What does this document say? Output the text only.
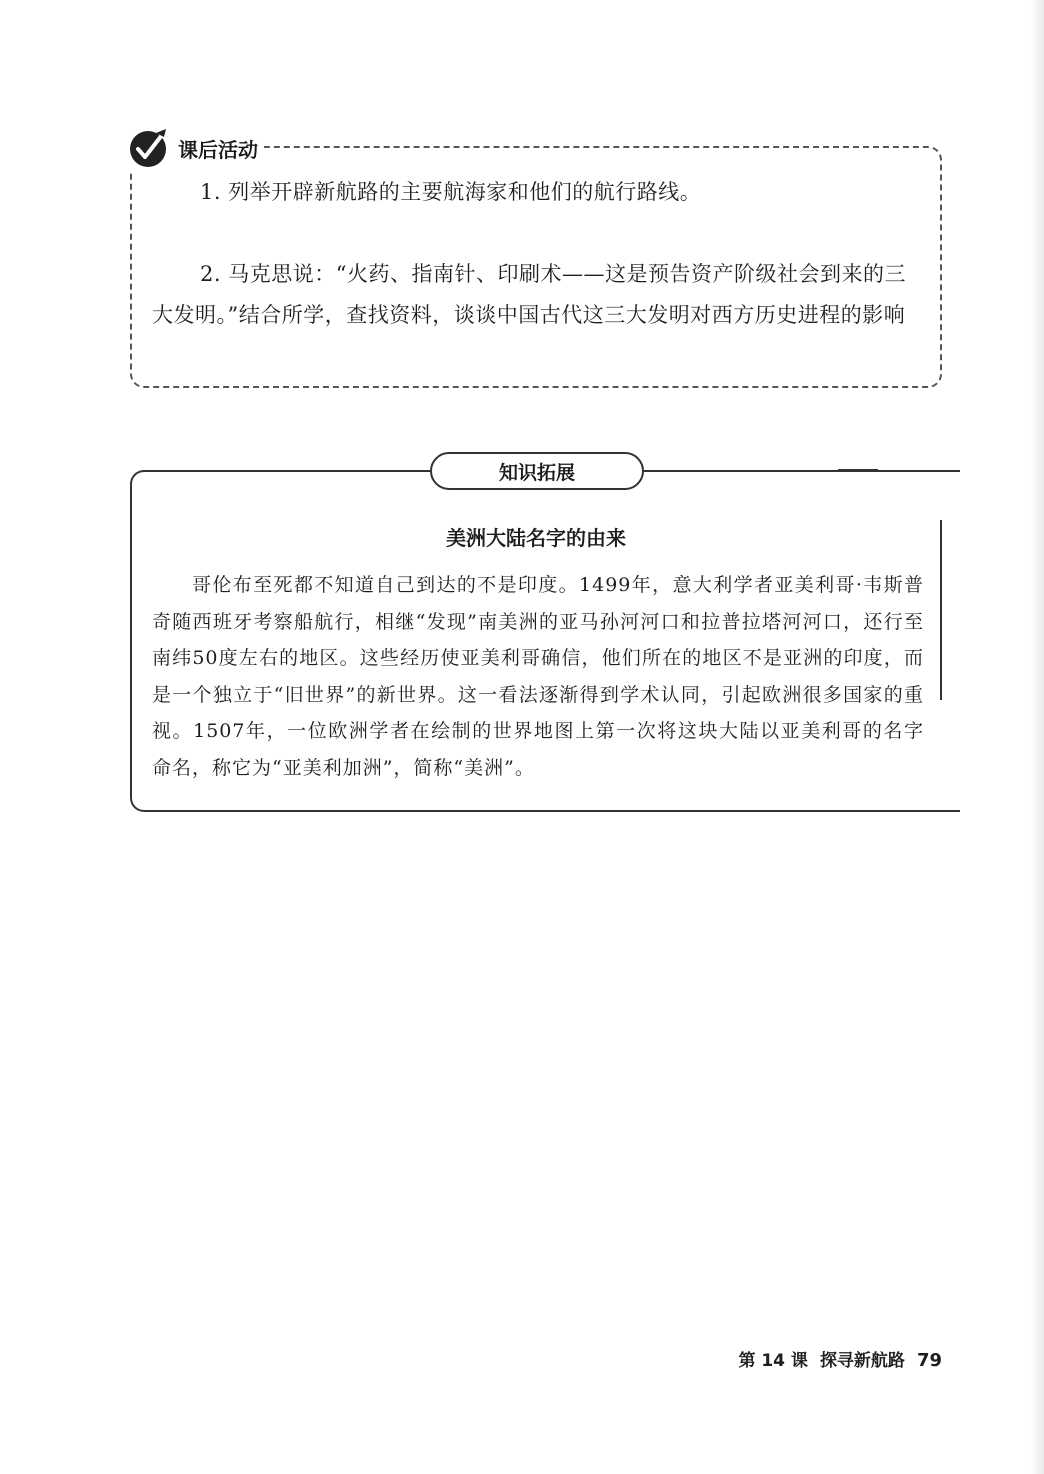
课后活动
1. 列举开辟新航路的主要航海家和他们的航行路线。
2. 马克思说：“火药、指南针、印刷术——这是预告资产阶级社会到来的三大发明。”结合所学，查找资料，谈谈中国古代这三大发明对西方历史进程的影响
知识拓展
美洲大陆名字的由来
哥伦布至死都不知道自己到达的不是印度。1499年，意大利学者亚美利哥·韦斯普奇随西班牙考察船航行，相继“发现”南美洲的亚马孙河河口和拉普拉塔河河口，还行至南纬50度左右的地区。这些经历使亚美利哥确信，他们所在的地区不是亚洲的印度，而是一个独立于“旧世界”的新世界。这一看法逐渐得到学术认同，引起欧洲很多国家的重视。1507年，一位欧洲学者在绘制的世界地图上第一次将这块大陆以亚美利哥的名字命名，称它为“亚美利加洲”，简称“美洲”。
第 14 课 探寻新航路 79
